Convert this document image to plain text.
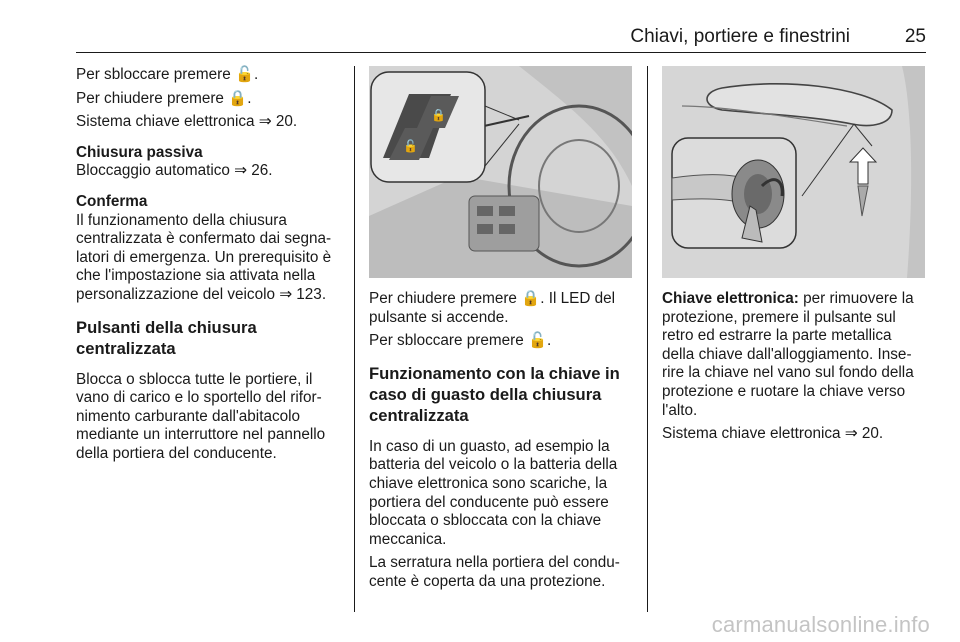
Chiavi, portiere e finestrini	25

Per sbloccare premere 🔓.

Per chiudere premere 🔒.

Sistema chiave elettronica ⇒ 20.

Chiusura passiva

Bloccaggio automatico ⇒ 26.

Conferma

Il funzionamento della chiusura centralizzata è confermato dai segnalatori di emergenza. Un prerequisito è che l'impostazione sia attivata nella personalizzazione del veicolo ⇒ 123.

Pulsanti della chiusura centralizzata

Blocca o sblocca tutte le portiere, il vano di carico e lo sportello del rifornimento carburante dall'abitacolo mediante un interruttore nel pannello della portiera del conducente.

🔒
🔓

Per chiudere premere 🔒. Il LED del pulsante si accende.

Per sbloccare premere 🔓.

Funzionamento con la chiave in caso di guasto della chiusura centralizzata

In caso di un guasto, ad esempio la batteria del veicolo o la batteria della chiave elettronica sono scariche, la portiera del conducente può essere bloccata o sbloccata con la chiave meccanica.

La serratura nella portiera del conducente è coperta da una protezione.

Chiave elettronica: per rimuovere la protezione, premere il pulsante sul retro ed estrarre la parte metallica della chiave dall'alloggiamento. Inserire la chiave nel vano sul fondo della protezione e ruotare la chiave verso l'alto.

Sistema chiave elettronica ⇒ 20.

carmanualsonline.info
